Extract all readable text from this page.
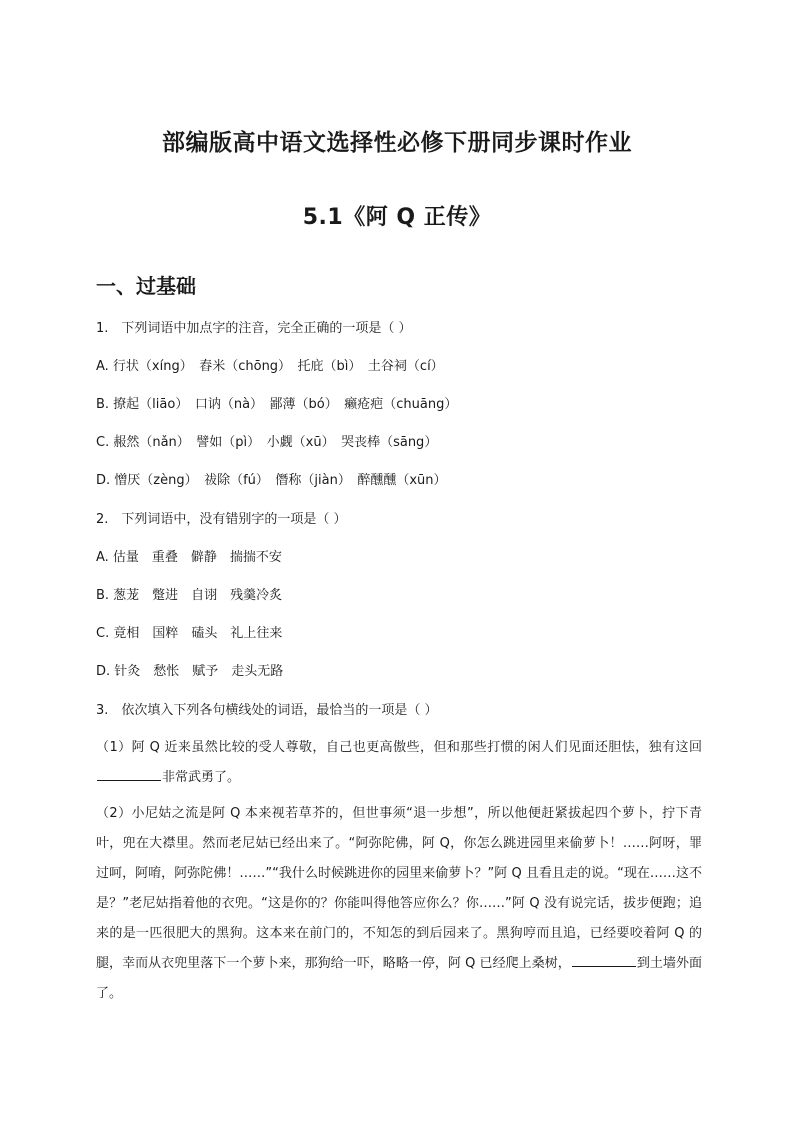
部编版高中语文选择性必修下册同步课时作业
5.1《阿 Q 正传》
一、过基础
1.　下列词语中加点字的注音，完全正确的一项是（ ）
A. 行状（xíng）　舂米（chōng）　托庇（bì）　土谷祠（cí）
B. 撩起（liāo）　口讷（nà）　鄙薄（bó）　癞疮疤（chuāng）
C. 赧然（nǎn）　譬如（pì）　小觑（xū）　哭丧棒（sāng）
D. 憎厌（zèng）　祓除（fú）　僭称（jiàn）　醉醺醺（xūn）
2.　下列词语中，没有错别字的一项是（ ）
A. 估量　重叠　僻静　揣揣不安
B. 葱茏　蹩进　自诩　残羹冷炙
C. 竟相　国粹　磕头　礼上往来
D. 针灸　愁怅　赋予　走头无路
3.　依次填入下列各句横线处的词语，最恰当的一项是（ ）
（1）阿 Q 近来虽然比较的受人尊敬，自己也更高傲些，但和那些打惯的闲人们见面还胆怯，独有这回非常武勇了。
（2）小尼姑之流是阿 Q 本来视若草芥的，但世事须“退一步想”，所以他便赶紧拔起四个萝卜，拧下青叶，兜在大襟里。然而老尼姑已经出来了。“阿弥陀佛，阿 Q，你怎么跳进园里来偷萝卜！……阿呀，罪过呵，阿唷，阿弥陀佛！……”“我什么时候跳进你的园里来偷萝卜？”阿 Q 且看且走的说。“现在……这不是？”老尼姑指着他的衣兜。“这是你的？你能叫得他答应你么？你……”阿 Q 没有说完话，拔步便跑；追来的是一匹很肥大的黑狗。这本来在前门的，不知怎的到后园来了。黑狗哼而且追，已经要咬着阿 Q 的腿，幸而从衣兜里落下一个萝卜来，那狗给一吓，略略一停，阿 Q 已经爬上桑树，	到土墙外面了。
